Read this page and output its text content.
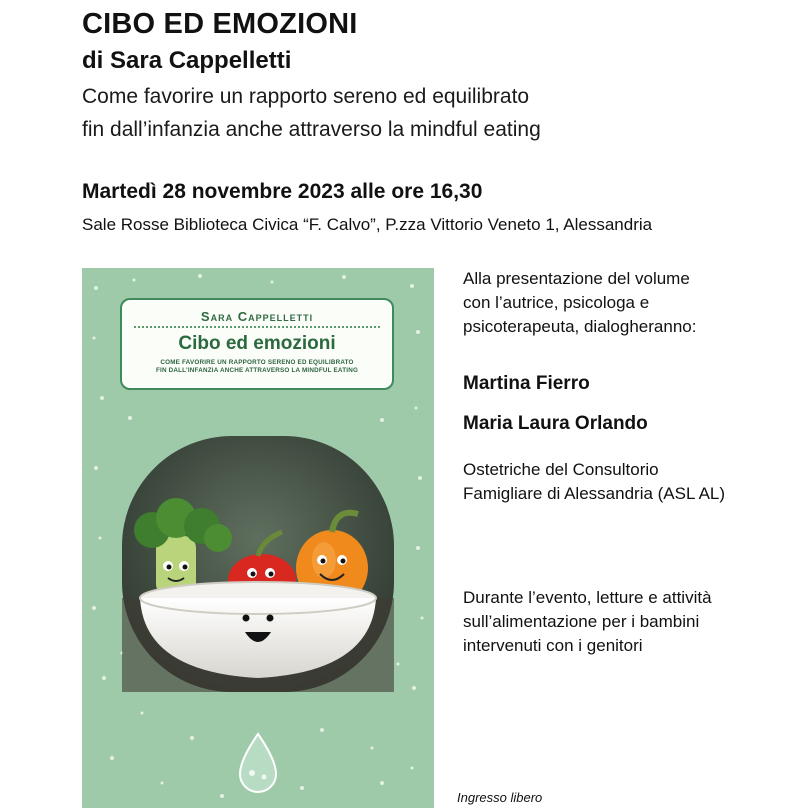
CIBO ED EMOZIONI

di Sara Cappelletti

Come favorire un rapporto sereno ed equilibrato

fin dall’infanzia anche attraverso la mindful eating

Martedì 28 novembre 2023 alle ore 16,30

Sale Rosse Biblioteca Civica “F. Calvo”, P.zza Vittorio Veneto 1, Alessandria

Sara Cappelletti
Cibo ed emozioni
COME FAVORIRE UN RAPPORTO SERENO ED EQUILIBRATO
FIN DALL’INFANZIA ANCHE ATTRAVERSO LA MINDFUL EATING
Alla presentazione del volume
con l’autrice, psicologa e
psicoterapeuta, dialogheranno:

Martina Fierro

Maria Laura Orlando

Ostetriche del Consultorio
Famigliare di Alessandria (ASL AL)
Durante l’evento, letture e attività
sull’alimentazione per i bambini
intervenuti con i genitori

Ingresso libero
